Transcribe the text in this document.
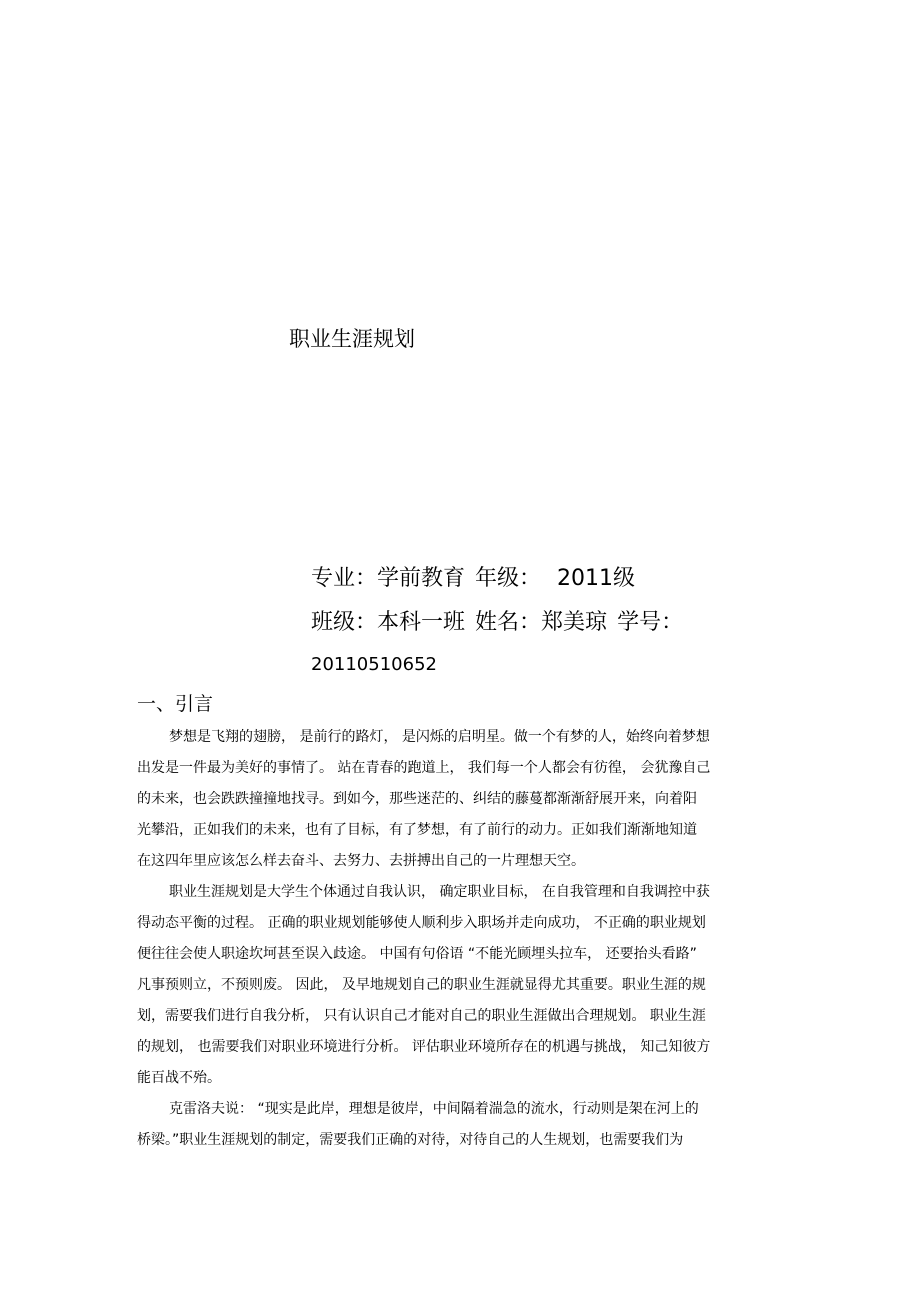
职业生涯规划
专业：学前教育 年级： 2011级
班级：本科一班 姓名：郑美琼 学号：
20110510652
一、引言
梦想是飞翔的翅膀， 是前行的路灯， 是闪烁的启明星。做一个有梦的人，始终向着梦想
出发是一件最为美好的事情了。 站在青春的跑道上， 我们每一个人都会有彷徨， 会犹豫自己
的未来，也会跌跌撞撞地找寻。到如今，那些迷茫的、纠结的藤蔓都渐渐舒展开来，向着阳
光攀沿，正如我们的未来，也有了目标，有了梦想，有了前行的动力。正如我们渐渐地知道
在这四年里应该怎么样去奋斗、去努力、去拼搏出自己的一片理想天空。
职业生涯规划是大学生个体通过自我认识， 确定职业目标， 在自我管理和自我调控中获
得动态平衡的过程。 正确的职业规划能够使人顺利步入职场并走向成功， 不正确的职业规划
便往往会使人职途坎坷甚至误入歧途。 中国有句俗语 “不能光顾埋头拉车， 还要抬头看路”
凡事预则立，不预则废。 因此， 及早地规划自己的职业生涯就显得尤其重要。职业生涯的规
划，需要我们进行自我分析， 只有认识自己才能对自己的职业生涯做出合理规划。 职业生涯
的规划， 也需要我们对职业环境进行分析。 评估职业环境所存在的机遇与挑战， 知己知彼方
能百战不殆。
克雷洛夫说： “现实是此岸，理想是彼岸，中间隔着湍急的流水，行动则是架在河上的
桥梁。”职业生涯规划的制定，需要我们正确的对待，对待自己的人生规划，也需要我们为
